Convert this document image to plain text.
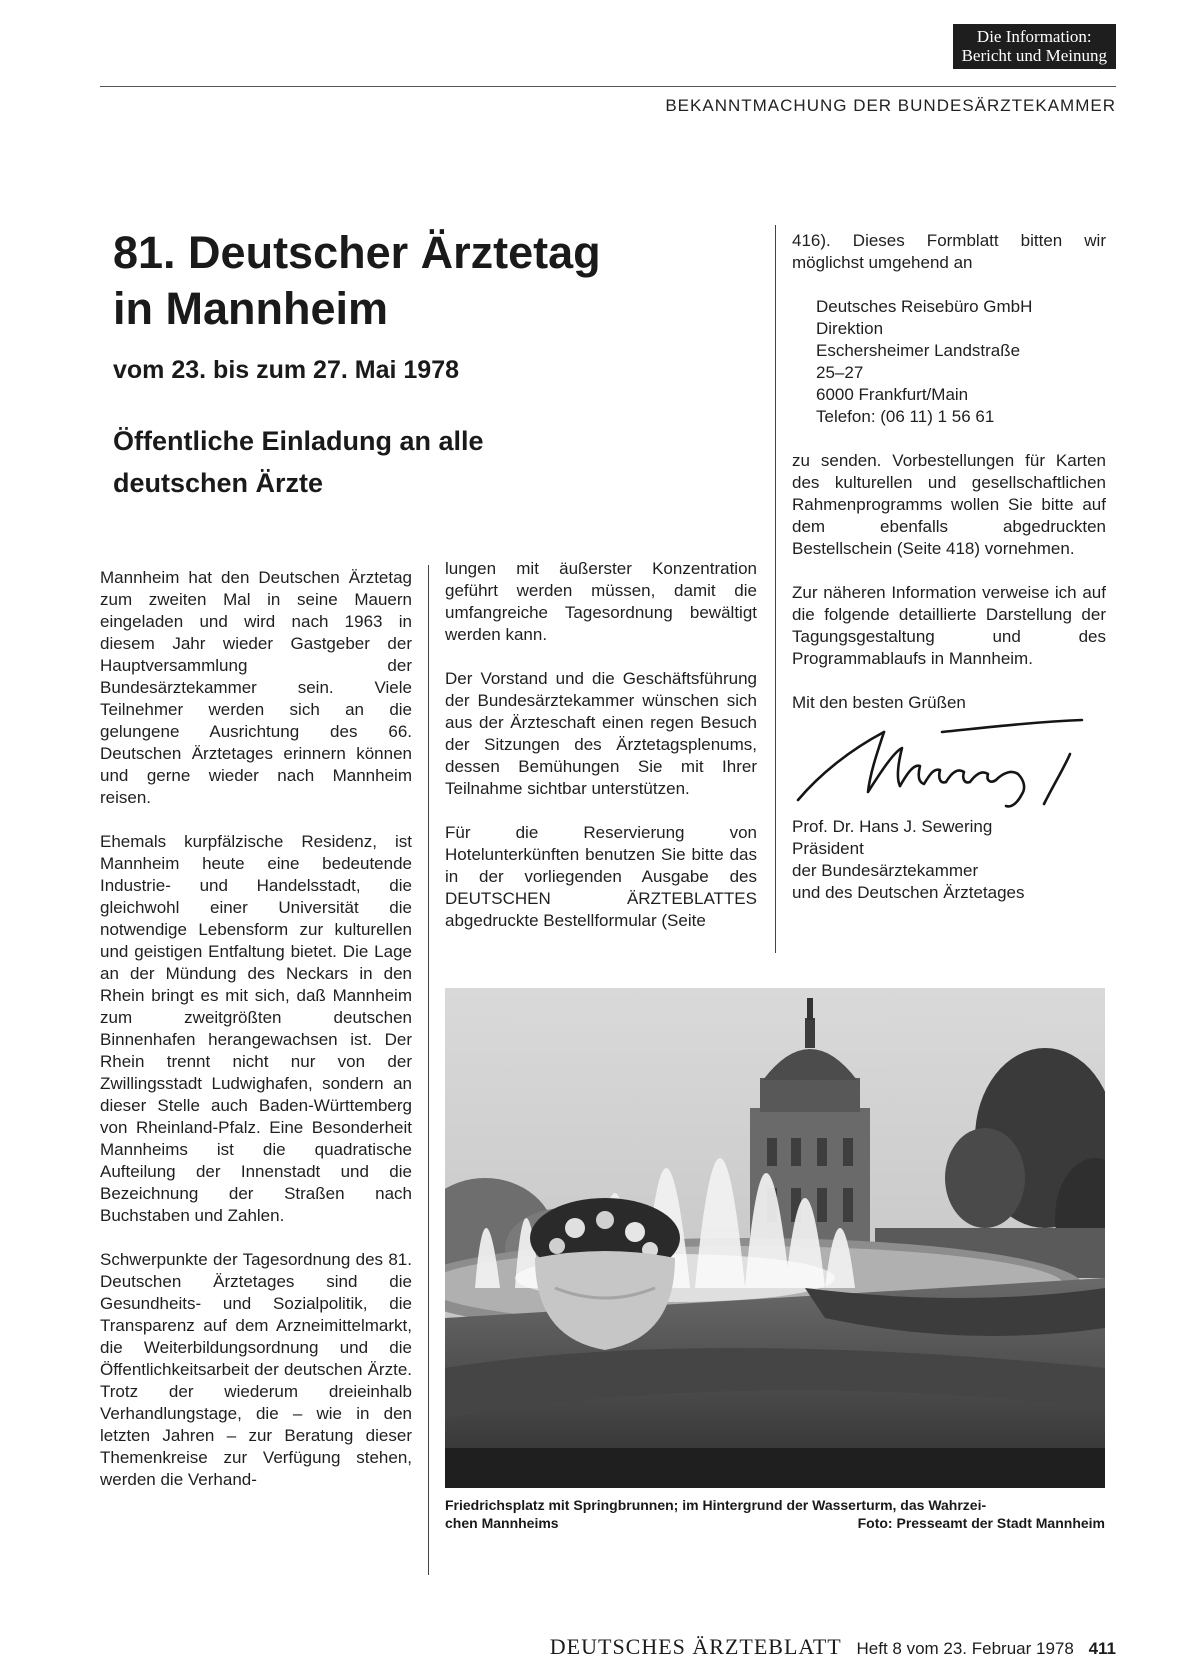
Die Information:
Bericht und Meinung
BEKANNTMACHUNG DER BUNDESÄRZTEKAMMER
81. Deutscher Ärztetag
in Mannheim
vom 23. bis zum 27. Mai 1978
Öffentliche Einladung an alle
deutschen Ärzte

Mannheim hat den Deutschen Ärztetag zum zweiten Mal in seine Mauern eingeladen und wird nach 1963 in diesem Jahr wieder Gastgeber der Hauptversammlung der Bundesärztekammer sein. Viele Teilnehmer werden sich an die gelungene Ausrichtung des 66. Deutschen Ärztetages erinnern können und gerne wieder nach Mannheim reisen.

Ehemals kurpfälzische Residenz, ist Mannheim heute eine bedeutende Industrie- und Handelsstadt, die gleichwohl einer Universität die notwendige Lebensform zur kulturellen und geistigen Entfaltung bietet. Die Lage an der Mündung des Neckars in den Rhein bringt es mit sich, daß Mannheim zum zweitgrößten deutschen Binnenhafen herangewachsen ist. Der Rhein trennt nicht nur von der Zwillingsstadt Ludwighafen, sondern an dieser Stelle auch Baden-Württemberg von Rheinland-Pfalz. Eine Besonderheit Mannheims ist die quadratische Aufteilung der Innenstadt und die Bezeichnung der Straßen nach Buchstaben und Zahlen.

Schwerpunkte der Tagesordnung des 81. Deutschen Ärztetages sind die Gesundheits- und Sozialpolitik, die Transparenz auf dem Arzneimittelmarkt, die Weiterbildungsordnung und die Öffentlichkeitsarbeit der deutschen Ärzte. Trotz der wiederum dreieinhalb Verhandlungstage, die – wie in den letzten Jahren – zur Beratung dieser Themenkreise zur Verfügung stehen, werden die Verhand-

lungen mit äußerster Konzentration geführt werden müssen, damit die umfangreiche Tagesordnung bewältigt werden kann.

Der Vorstand und die Geschäftsführung der Bundesärztekammer wünschen sich aus der Ärzteschaft einen regen Besuch der Sitzungen des Ärztetagsplenums, dessen Bemühungen Sie mit Ihrer Teilnahme sichtbar unterstützen.

Für die Reservierung von Hotelunterkünften benutzen Sie bitte das in der vorliegenden Ausgabe des DEUTSCHEN ÄRZTEBLATTES abgedruckte Bestellformular (Seite

416). Dieses Formblatt bitten wir möglichst umgehend an

Deutsches Reisebüro GmbH
Direktion
Eschersheimer Landstraße
25–27
6000 Frankfurt/Main
Telefon: (06 11) 1 56 61

zu senden. Vorbestellungen für Karten des kulturellen und gesellschaftlichen Rahmenprogramms wollen Sie bitte auf dem ebenfalls abgedruckten Bestellschein (Seite 418) vornehmen.

Zur näheren Information verweise ich auf die folgende detaillierte Darstellung der Tagungsgestaltung und des Programmablaufs in Mannheim.

Mit den besten Grüßen

Prof. Dr. Hans J. Sewering
Präsident
der Bundesärztekammer
und des Deutschen Ärztetages
Friedrichsplatz mit Springbrunnen; im Hintergrund der Wasserturm, das Wahrzei-
chen Mannheims	Foto: Presseamt der Stadt Mannheim
DEUTSCHES ÄRZTEBLATT Heft 8 vom 23. Februar 1978 411
